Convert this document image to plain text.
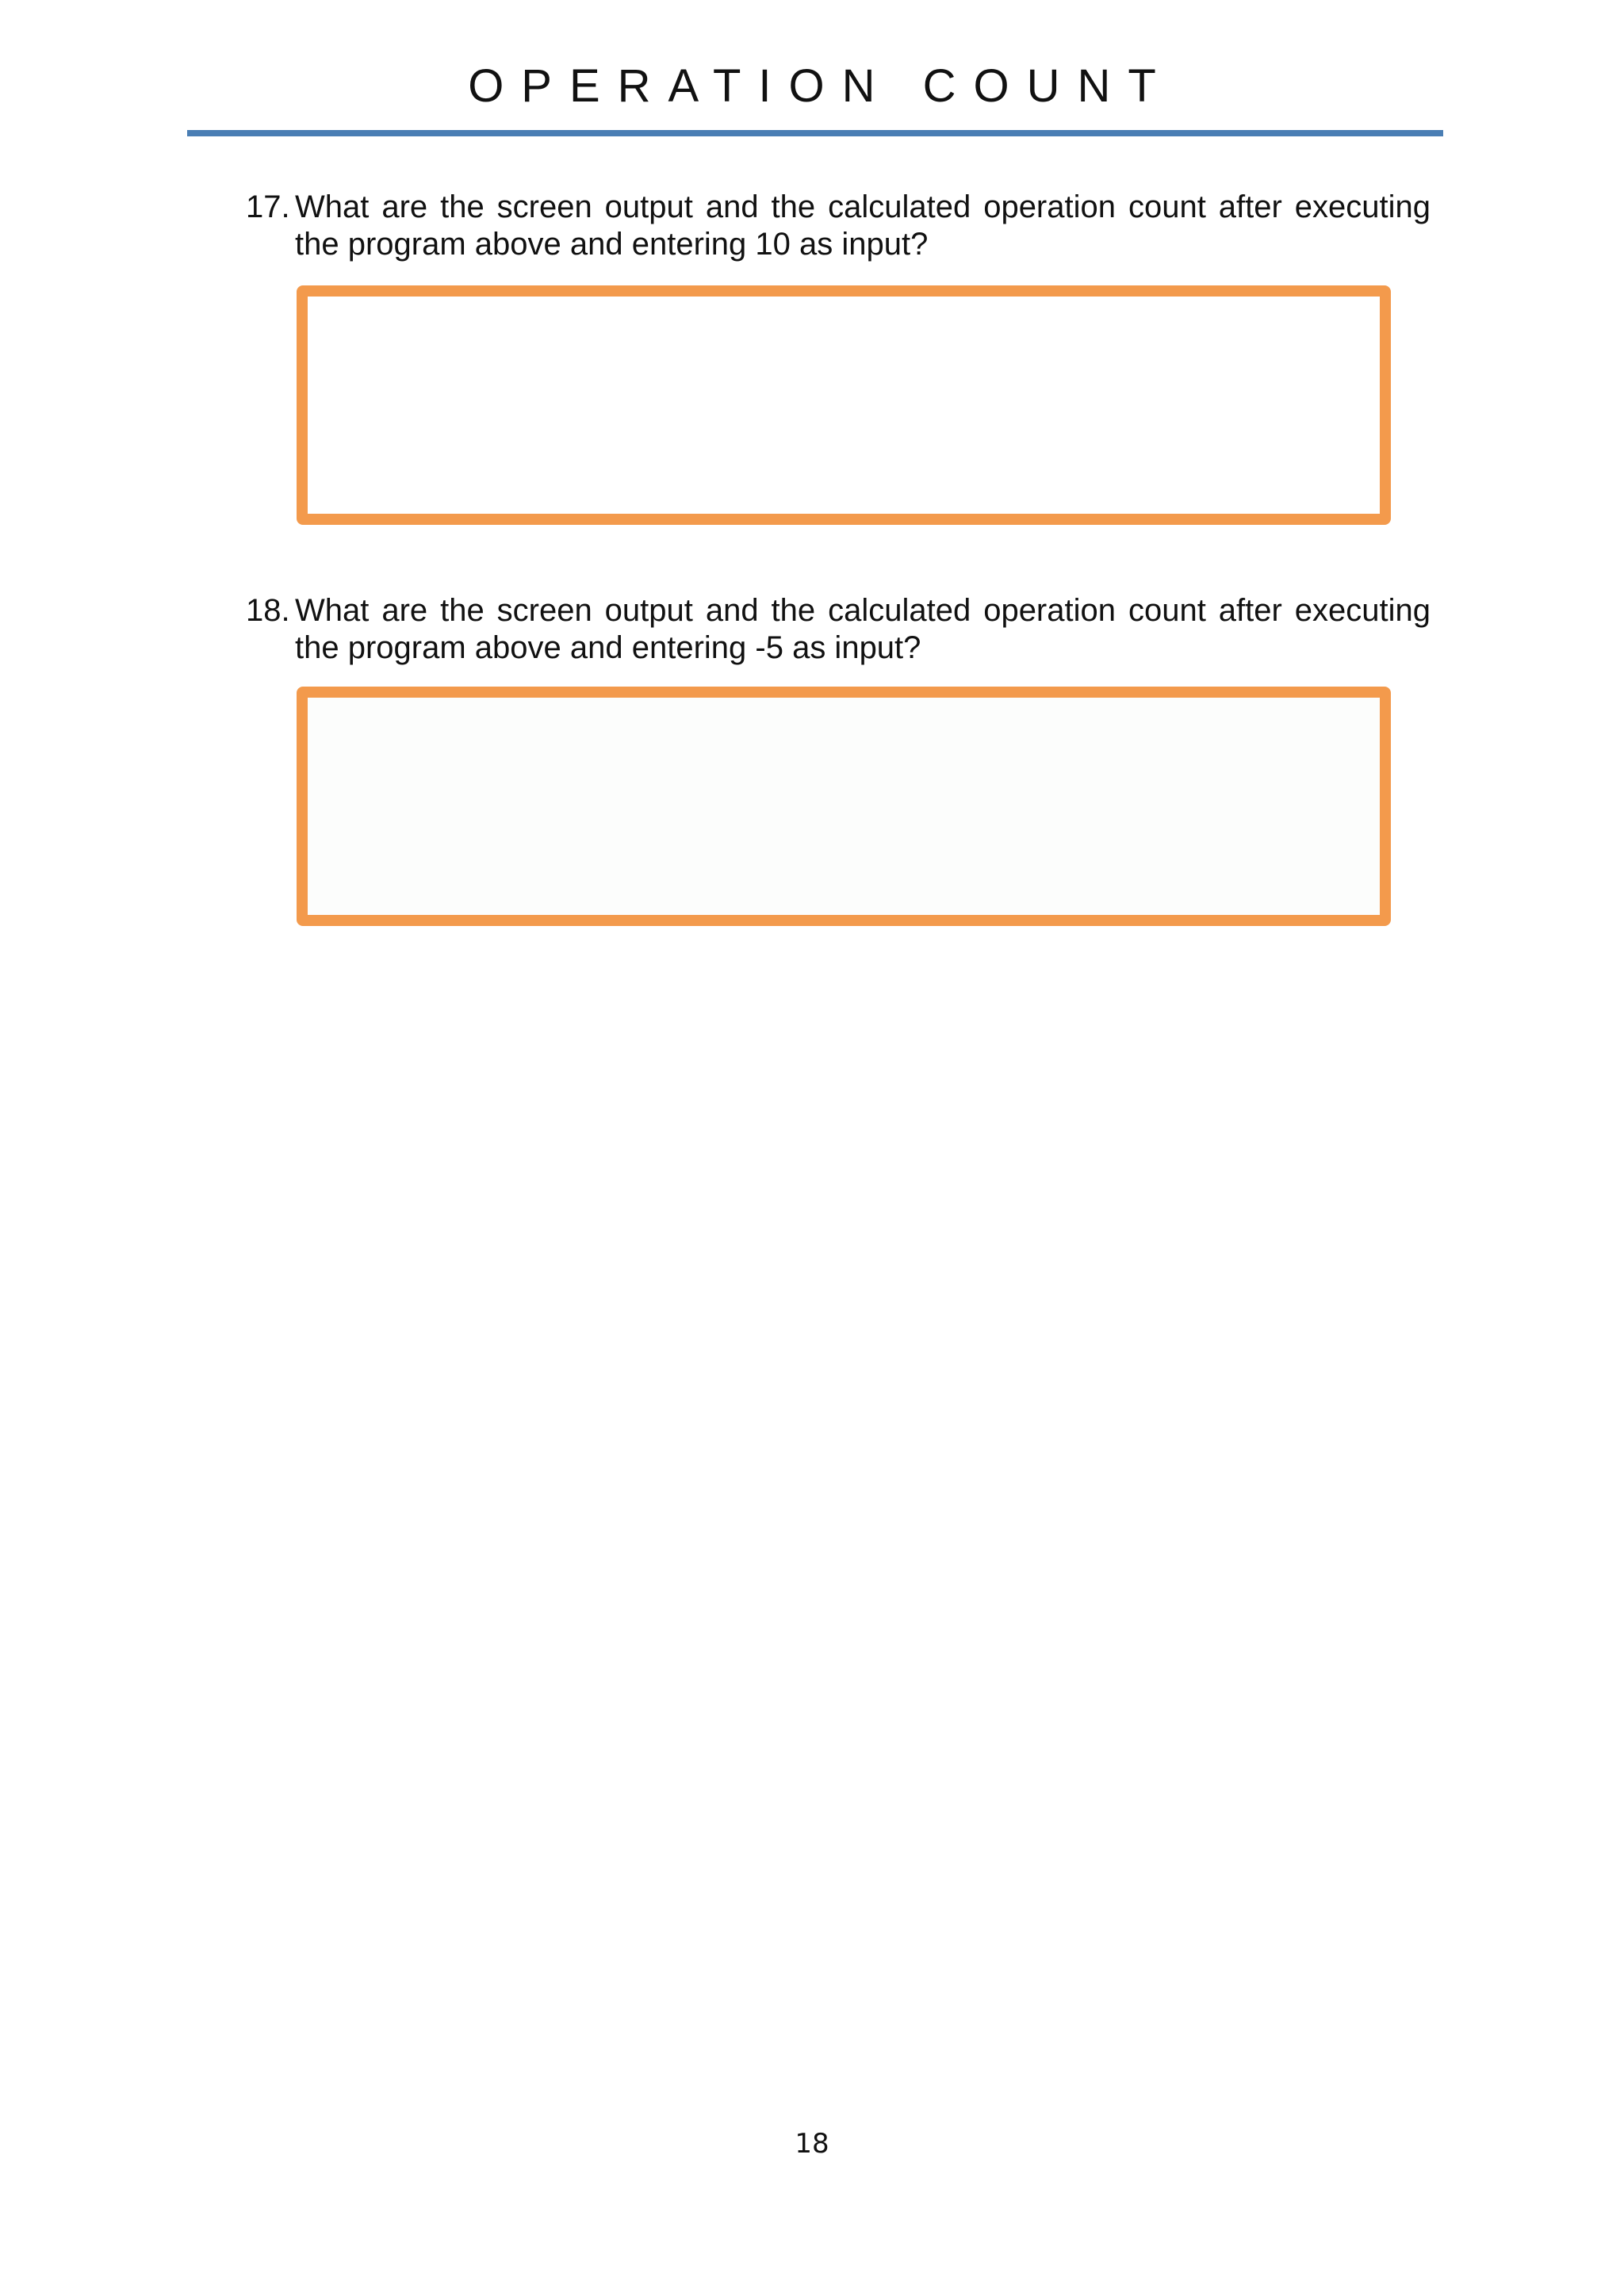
OPERATION COUNT
17. What are the screen output and the calculated operation count after executing the program above and entering 10 as input?
18. What are the screen output and the calculated operation count after executing the program above and entering -5 as input?
18
